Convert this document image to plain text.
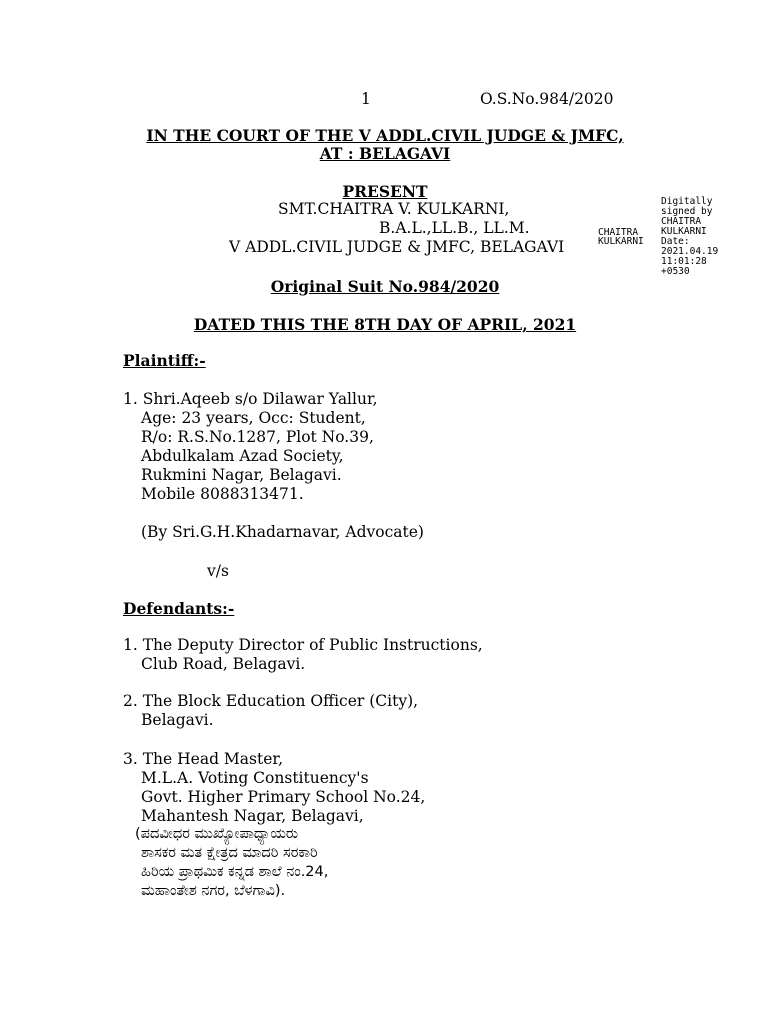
1	O.S.No.984/2020
IN THE COURT OF THE V ADDL.CIVIL JUDGE & JMFC,
AT : BELAGAVI
PRESENT
SMT.CHAITRA V. KULKARNI,
B.A.L.,LL.B., LL.M.
V ADDL.CIVIL JUDGE & JMFC, BELAGAVI
CHAITRA
KULKARNI
Digitally
signed by
CHAITRA
KULKARNI
Date:
2021.04.19
11:01:28
+0530
Original Suit No.984/2020
DATED THIS THE 8TH DAY OF APRIL, 2021
Plaintiff:-
1. Shri.Aqeeb s/o Dilawar Yallur,
Age: 23 years, Occ: Student,
R/o: R.S.No.1287, Plot No.39,
Abdulkalam Azad Society,
Rukmini Nagar, Belagavi.
Mobile 8088313471.
(By Sri.G.H.Khadarnavar, Advocate)
v/s
Defendants:-
1. The Deputy Director of Public Instructions,
Club Road, Belagavi.
2. The Block Education Officer (City),
Belagavi.
3. The Head Master,
M.L.A. Voting Constituency's
Govt. Higher Primary School No.24,
Mahantesh Nagar, Belagavi,
(ಪದವೀಧರ ಮುಖ್ಯೋಪಾಧ್ಯಾಯರು
ಶಾಸಕರ ಮತ ಕ್ಷೇತ್ರದ ಮಾದರಿ ಸರಕಾರಿ
ಹಿರಿಯ ಪ್ರಾಥಮಿಕ ಕನ್ನಡ ಶಾಲೆ ನಂ.24,
ಮಹಾಂತೇಶ ನಗರ, ಬೆಳಗಾವಿ).
